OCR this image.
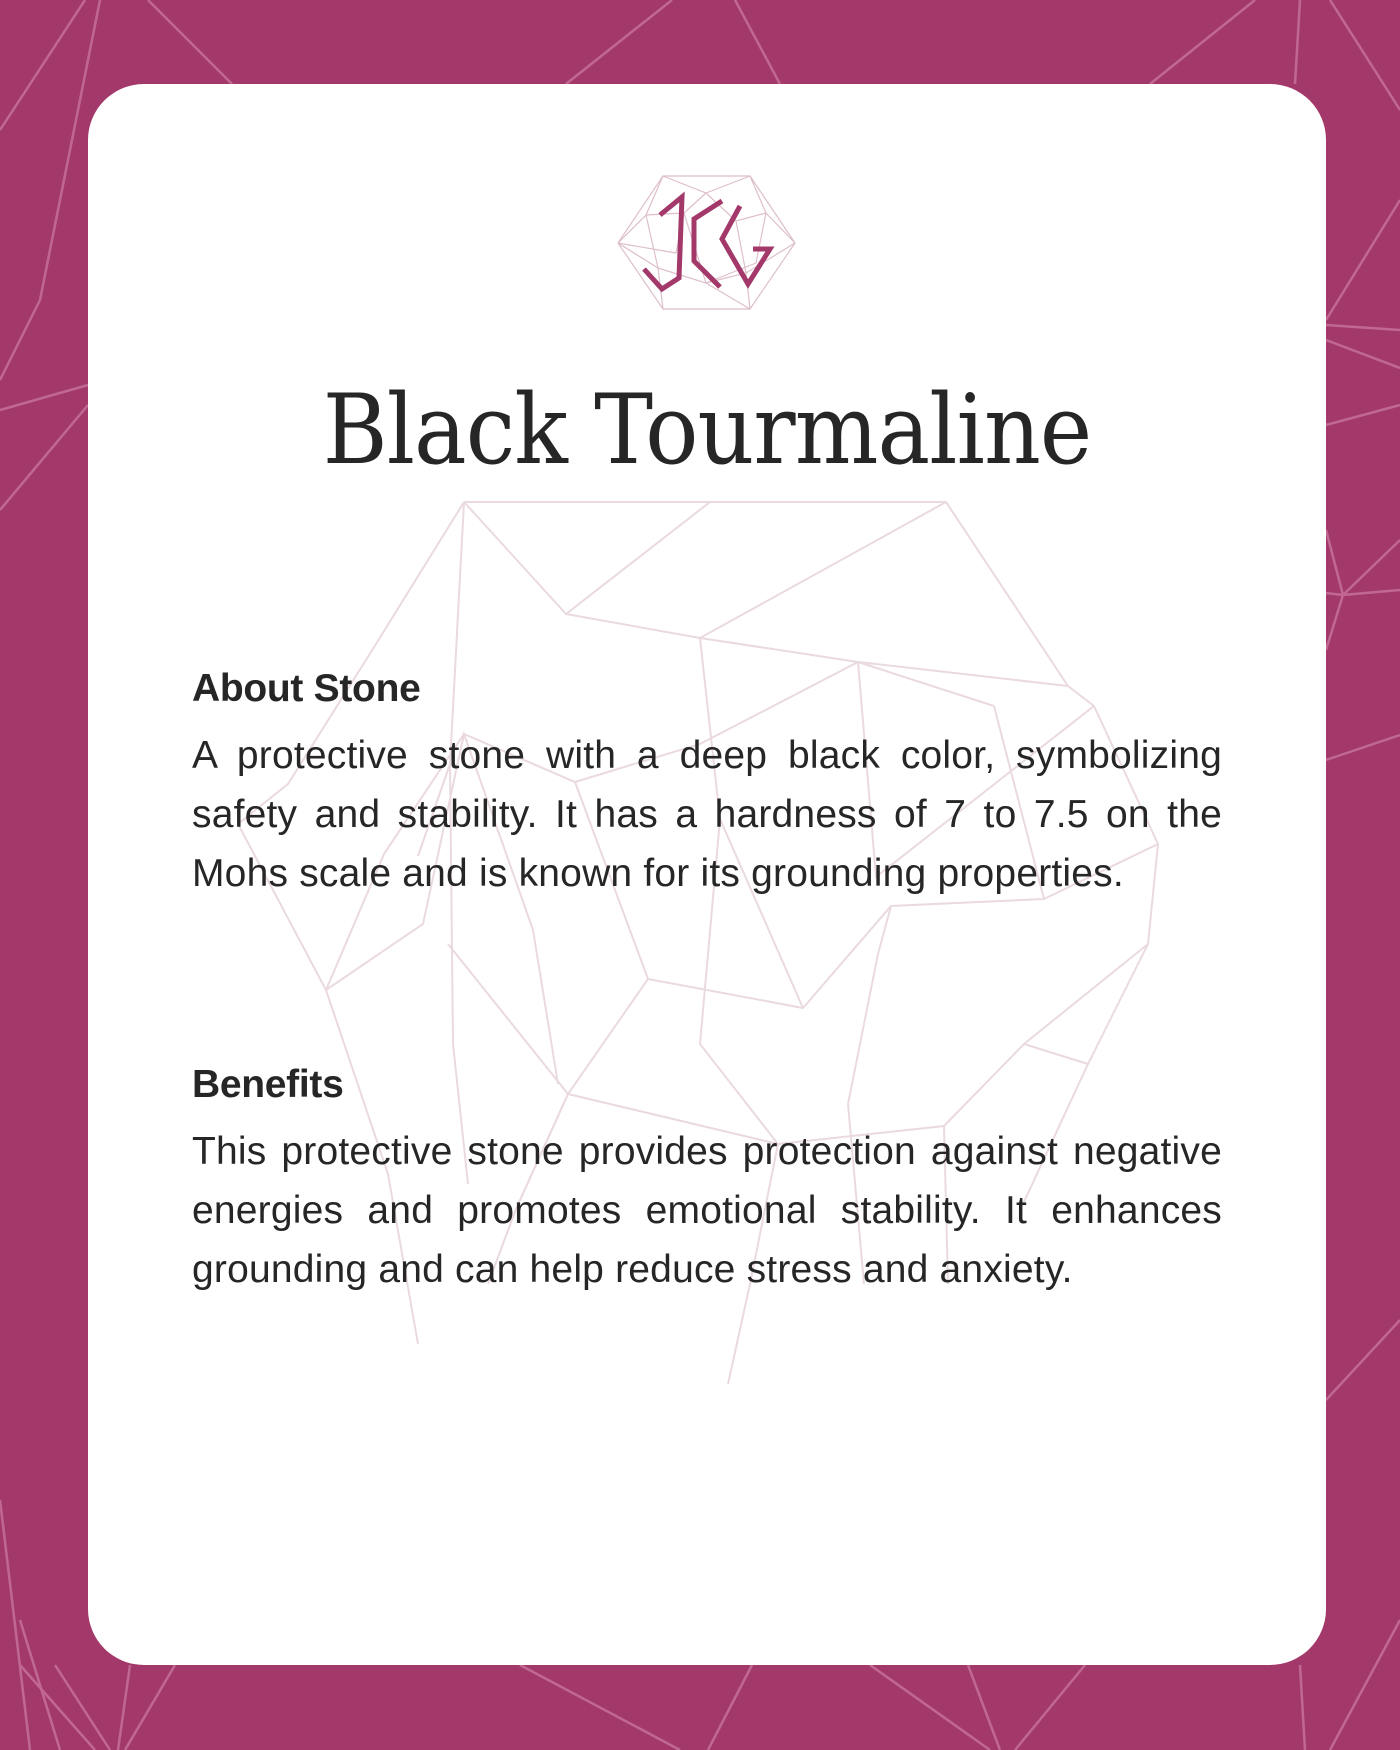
Black Tourmaline
About Stone

A protective stone with a deep black color, symbolizing safety and stability. It has a hardness of 7 to 7.5 on the Mohs scale and is known for its grounding properties.

Benefits

This protective stone provides protection against negative energies and promotes emotional stability. It enhances grounding and can help reduce stress and anxiety.
